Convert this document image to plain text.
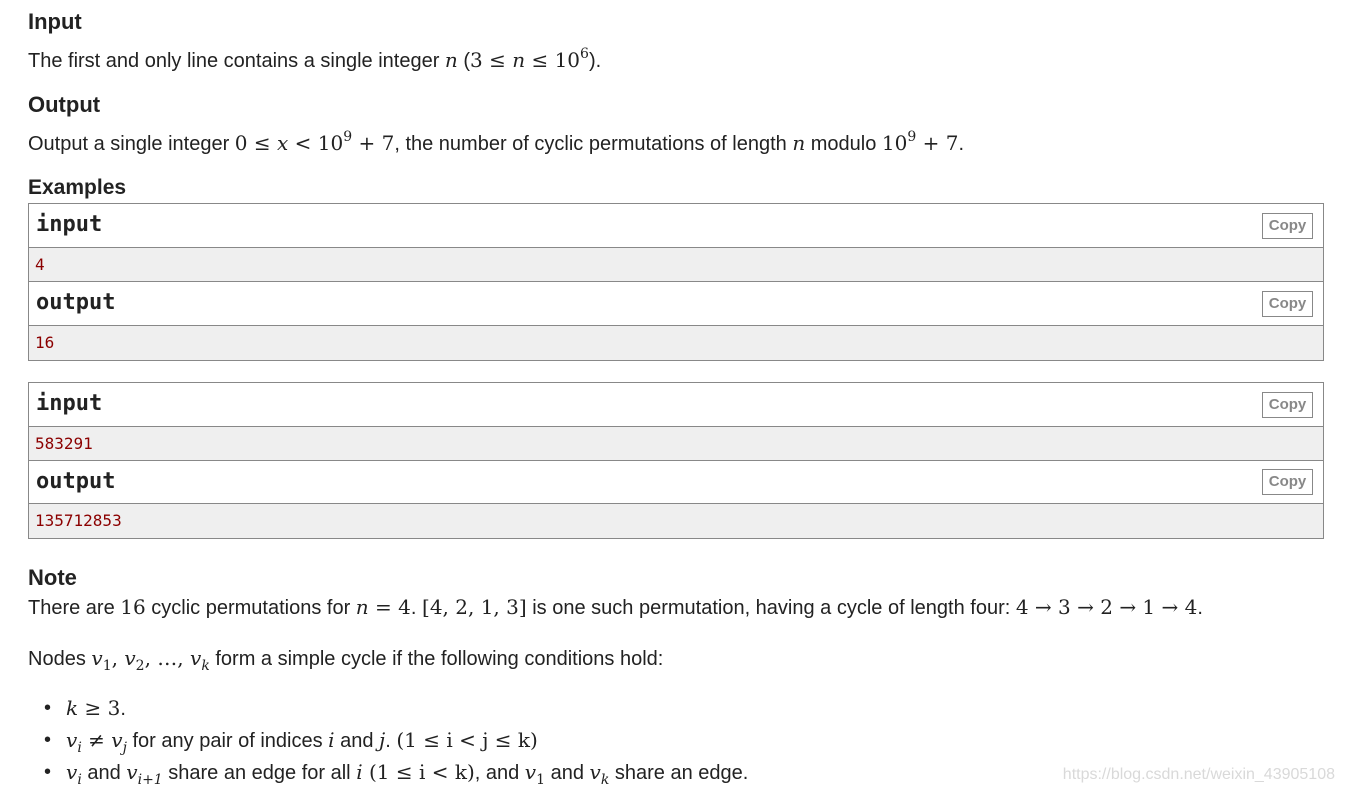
Input
The first and only line contains a single integer n $(3 \le n \le 10^6)$.
Output
Output a single integer $0 \le x < 10^9 + 7$, the number of cyclic permutations of length n modulo $10^9 + 7$.
Examples
input	Copy
4
output	Copy
16
input	Copy
583291
output	Copy
135712853
Note
There are 16 cyclic permutations for n = 4. [4, 2, 1, 3] is one such permutation, having a cycle of length four: 4 → 3 → 2 → 1 → 4.
Nodes $v_1$, $v_2$, …, $v_k$ form a simple cycle if the following conditions hold:
• k ≥ 3.
• $v_i \ne v_j$ for any pair of indices i and j. (1 ≤ i < j ≤ k)
• $v_i$ and $v_{i+1}$ share an edge for all i (1 ≤ i < k), and $v_1$ and $v_k$ share an edge.	https://blog.csdn.net/weixin_43905108
